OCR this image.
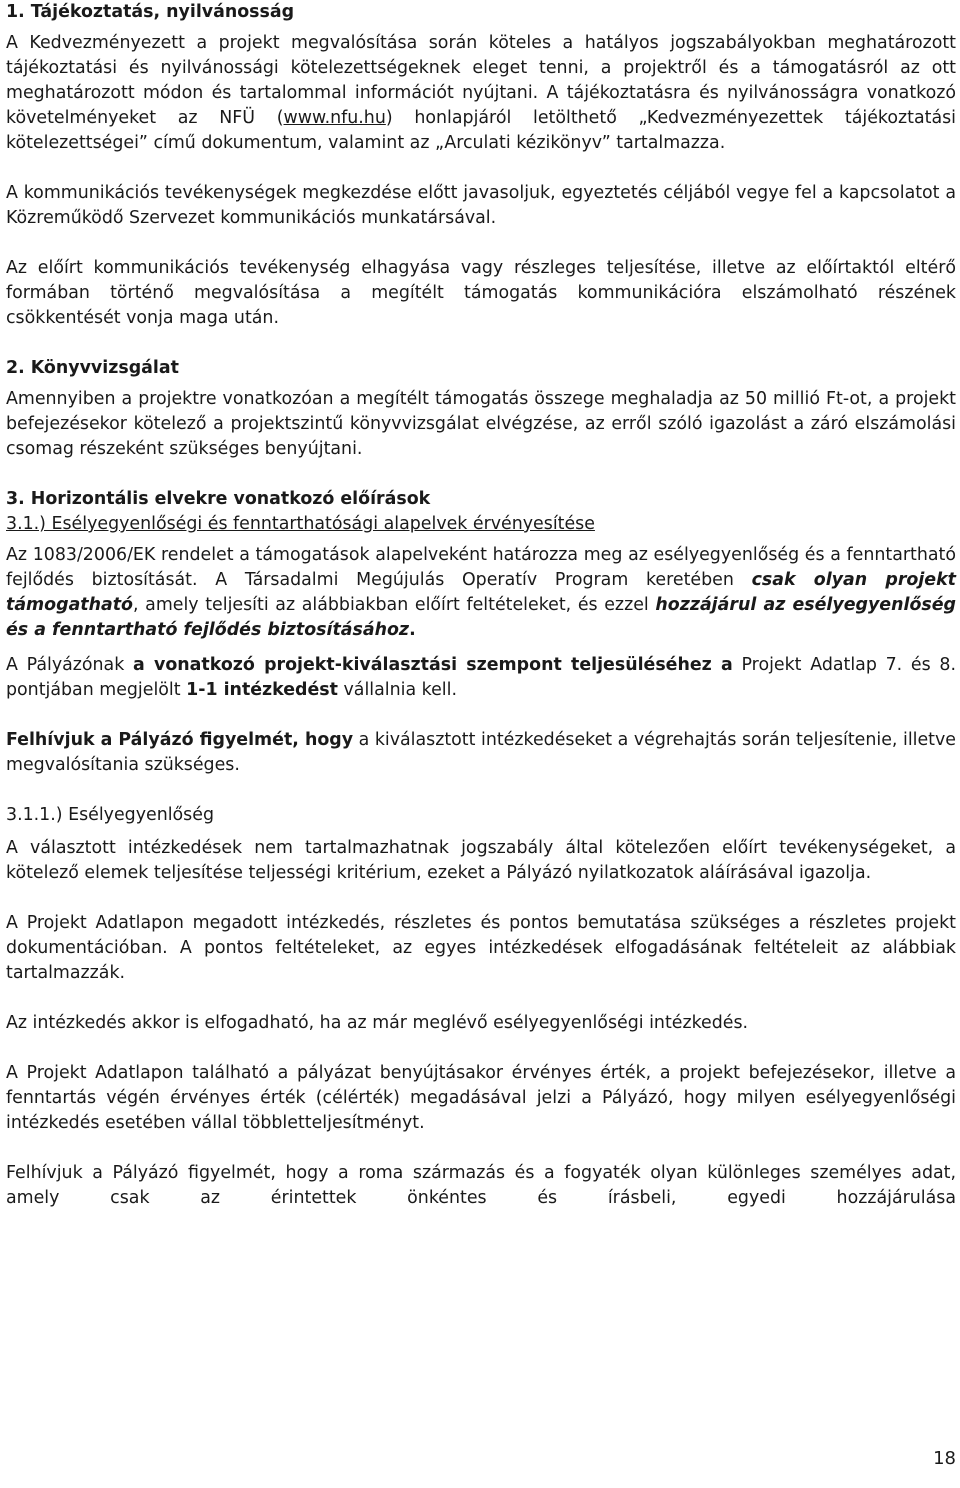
1. Tájékoztatás, nyilvánosság

A Kedvezményezett a projekt megvalósítása során köteles a hatályos jogszabályokban meghatározott tájékoztatási és nyilvánossági kötelezettségeknek eleget tenni, a projektről és a támogatásról az ott meghatározott módon és tartalommal információt nyújtani. A tájékoztatásra és nyilvánosságra vonatkozó követelményeket az NFÜ (www.nfu.hu) honlapjáról letölthető „Kedvezményezettek tájékoztatási kötelezettségei” című dokumentum, valamint az „Arculati kézikönyv” tartalmazza.

A kommunikációs tevékenységek megkezdése előtt javasoljuk, egyeztetés céljából vegye fel a kapcsolatot a Közreműködő Szervezet kommunikációs munkatársával.

Az előírt kommunikációs tevékenység elhagyása vagy részleges teljesítése, illetve az előírtaktól eltérő formában történő megvalósítása a megítélt támogatás kommunikációra elszámolható részének csökkentését vonja maga után.

2. Könyvvizsgálat

Amennyiben a projektre vonatkozóan a megítélt támogatás összege meghaladja az 50 millió Ft-ot, a projekt befejezésekor kötelező a projektszintű könyvvizsgálat elvégzése, az erről szóló igazolást a záró elszámolási csomag részeként szükséges benyújtani.

3. Horizontális elvekre vonatkozó előírások

3.1.) Esélyegyenlőségi és fenntarthatósági alapelvek érvényesítése

Az 1083/2006/EK rendelet a támogatások alapelveként határozza meg az esélyegyenlőség és a fenntartható fejlődés biztosítását. A Társadalmi Megújulás Operatív Program keretében csak olyan projekt támogatható, amely teljesíti az alábbiakban előírt feltételeket, és ezzel hozzájárul az esélyegyenlőség és a fenntartható fejlődés biztosításához.

A Pályázónak a vonatkozó projekt-kiválasztási szempont teljesüléséhez a Projekt Adatlap 7. és 8. pontjában megjelölt 1-1 intézkedést vállalnia kell.

Felhívjuk a Pályázó figyelmét, hogy a kiválasztott intézkedéseket a végrehajtás során teljesítenie, illetve megvalósítania szükséges.

3.1.1.) Esélyegyenlőség

A választott intézkedések nem tartalmazhatnak jogszabály által kötelezően előírt tevékenységeket, a kötelező elemek teljesítése teljességi kritérium, ezeket a Pályázó nyilatkozatok aláírásával igazolja.

A Projekt Adatlapon megadott intézkedés, részletes és pontos bemutatása szükséges a részletes projekt dokumentációban. A pontos feltételeket, az egyes intézkedések elfogadásának feltételeit az alábbiak tartalmazzák.

Az intézkedés akkor is elfogadható, ha az már meglévő esélyegyenlőségi intézkedés.

A Projekt Adatlapon található a pályázat benyújtásakor érvényes érték, a projekt befejezésekor, illetve a fenntartás végén érvényes érték (célérték) megadásával jelzi a Pályázó, hogy milyen esélyegyenlőségi intézkedés esetében vállal többletteljesítményt.

Felhívjuk a Pályázó figyelmét, hogy a roma származás és a fogyaték olyan különleges személyes adat, amely csak az érintettek önkéntes és írásbeli, egyedi hozzájárulása

18
